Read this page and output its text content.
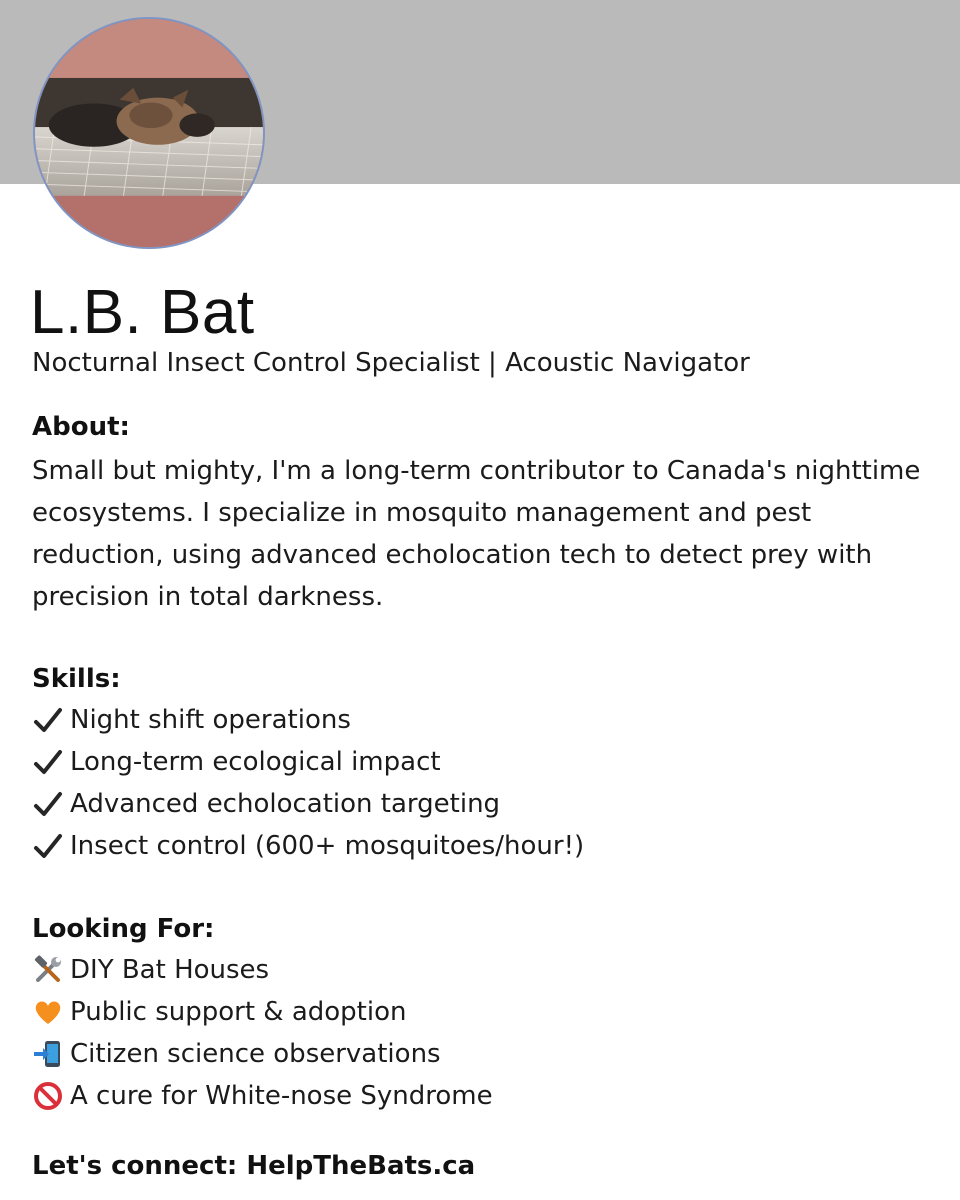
L.B. Bat
Nocturnal Insect Control Specialist | Acoustic Navigator
About:
Small but mighty, I'm a long-term contributor to Canada's nighttime ecosystems. I specialize in mosquito management and pest reduction, using advanced echolocation tech to detect prey with precision in total darkness.
Skills:
Night shift operations
Long-term ecological impact
Advanced echolocation targeting
Insect control (600+ mosquitoes/hour!)
Looking For:
DIY Bat Houses
Public support & adoption
Citizen science observations
A cure for White-nose Syndrome
Let's connect: HelpTheBats.ca
